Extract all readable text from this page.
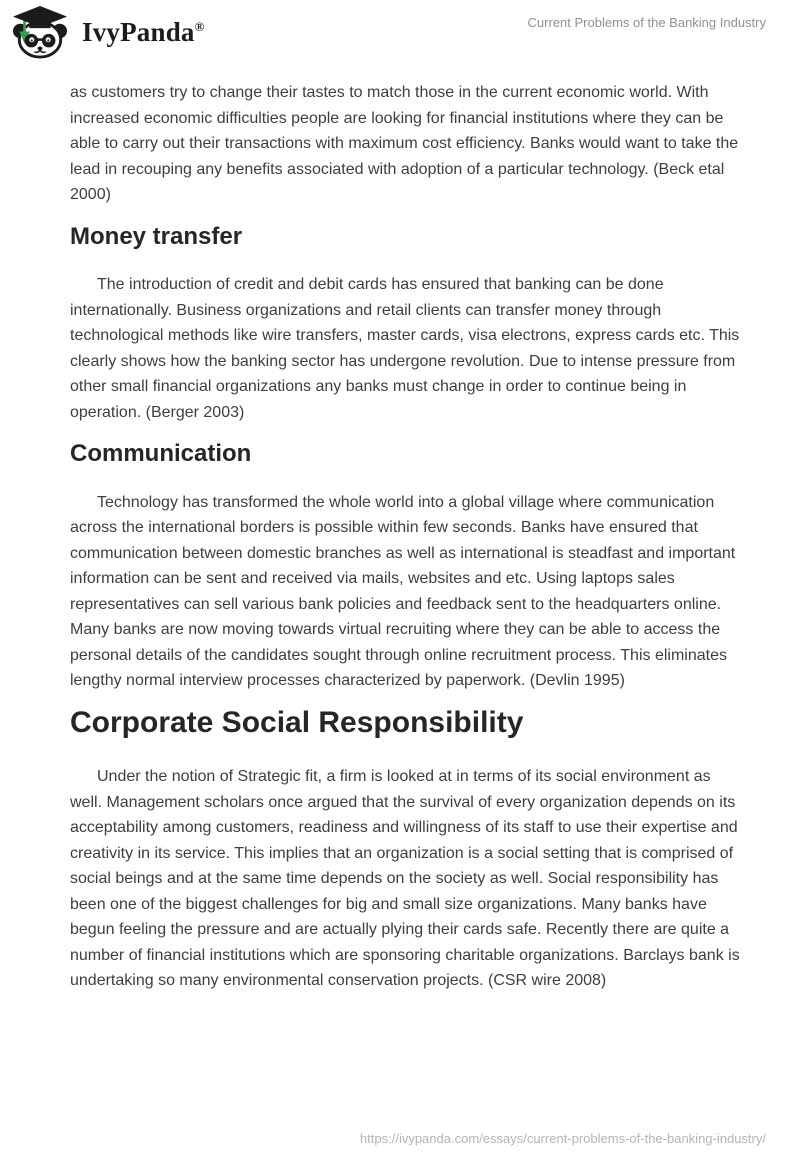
IvyPanda®	Current Problems of the Banking Industry

as customers try to change their tastes to match those in the current economic world. With increased economic difficulties people are looking for financial institutions where they can be able to carry out their transactions with maximum cost efficiency. Banks would want to take the lead in recouping any benefits associated with adoption of a particular technology. (Beck etal 2000)

Money transfer

The introduction of credit and debit cards has ensured that banking can be done internationally. Business organizations and retail clients can transfer money through technological methods like wire transfers, master cards, visa electrons, express cards etc. This clearly shows how the banking sector has undergone revolution. Due to intense pressure from other small financial organizations any banks must change in order to continue being in operation. (Berger 2003)

Communication

Technology has transformed the whole world into a global village where communication across the international borders is possible within few seconds. Banks have ensured that communication between domestic branches as well as international is steadfast and important information can be sent and received via mails, websites and etc. Using laptops sales representatives can sell various bank policies and feedback sent to the headquarters online. Many banks are now moving towards virtual recruiting where they can be able to access the personal details of the candidates sought through online recruitment process. This eliminates lengthy normal interview processes characterized by paperwork. (Devlin 1995)

Corporate Social Responsibility

Under the notion of Strategic fit, a firm is looked at in terms of its social environment as well. Management scholars once argued that the survival of every organization depends on its acceptability among customers, readiness and willingness of its staff to use their expertise and creativity in its service. This implies that an organization is a social setting that is comprised of social beings and at the same time depends on the society as well. Social responsibility has been one of the biggest challenges for big and small size organizations. Many banks have begun feeling the pressure and are actually plying their cards safe. Recently there are quite a number of financial institutions which are sponsoring charitable organizations. Barclays bank is undertaking so many environmental conservation projects. (CSR wire 2008)

https://ivypanda.com/essays/current-problems-of-the-banking-industry/
